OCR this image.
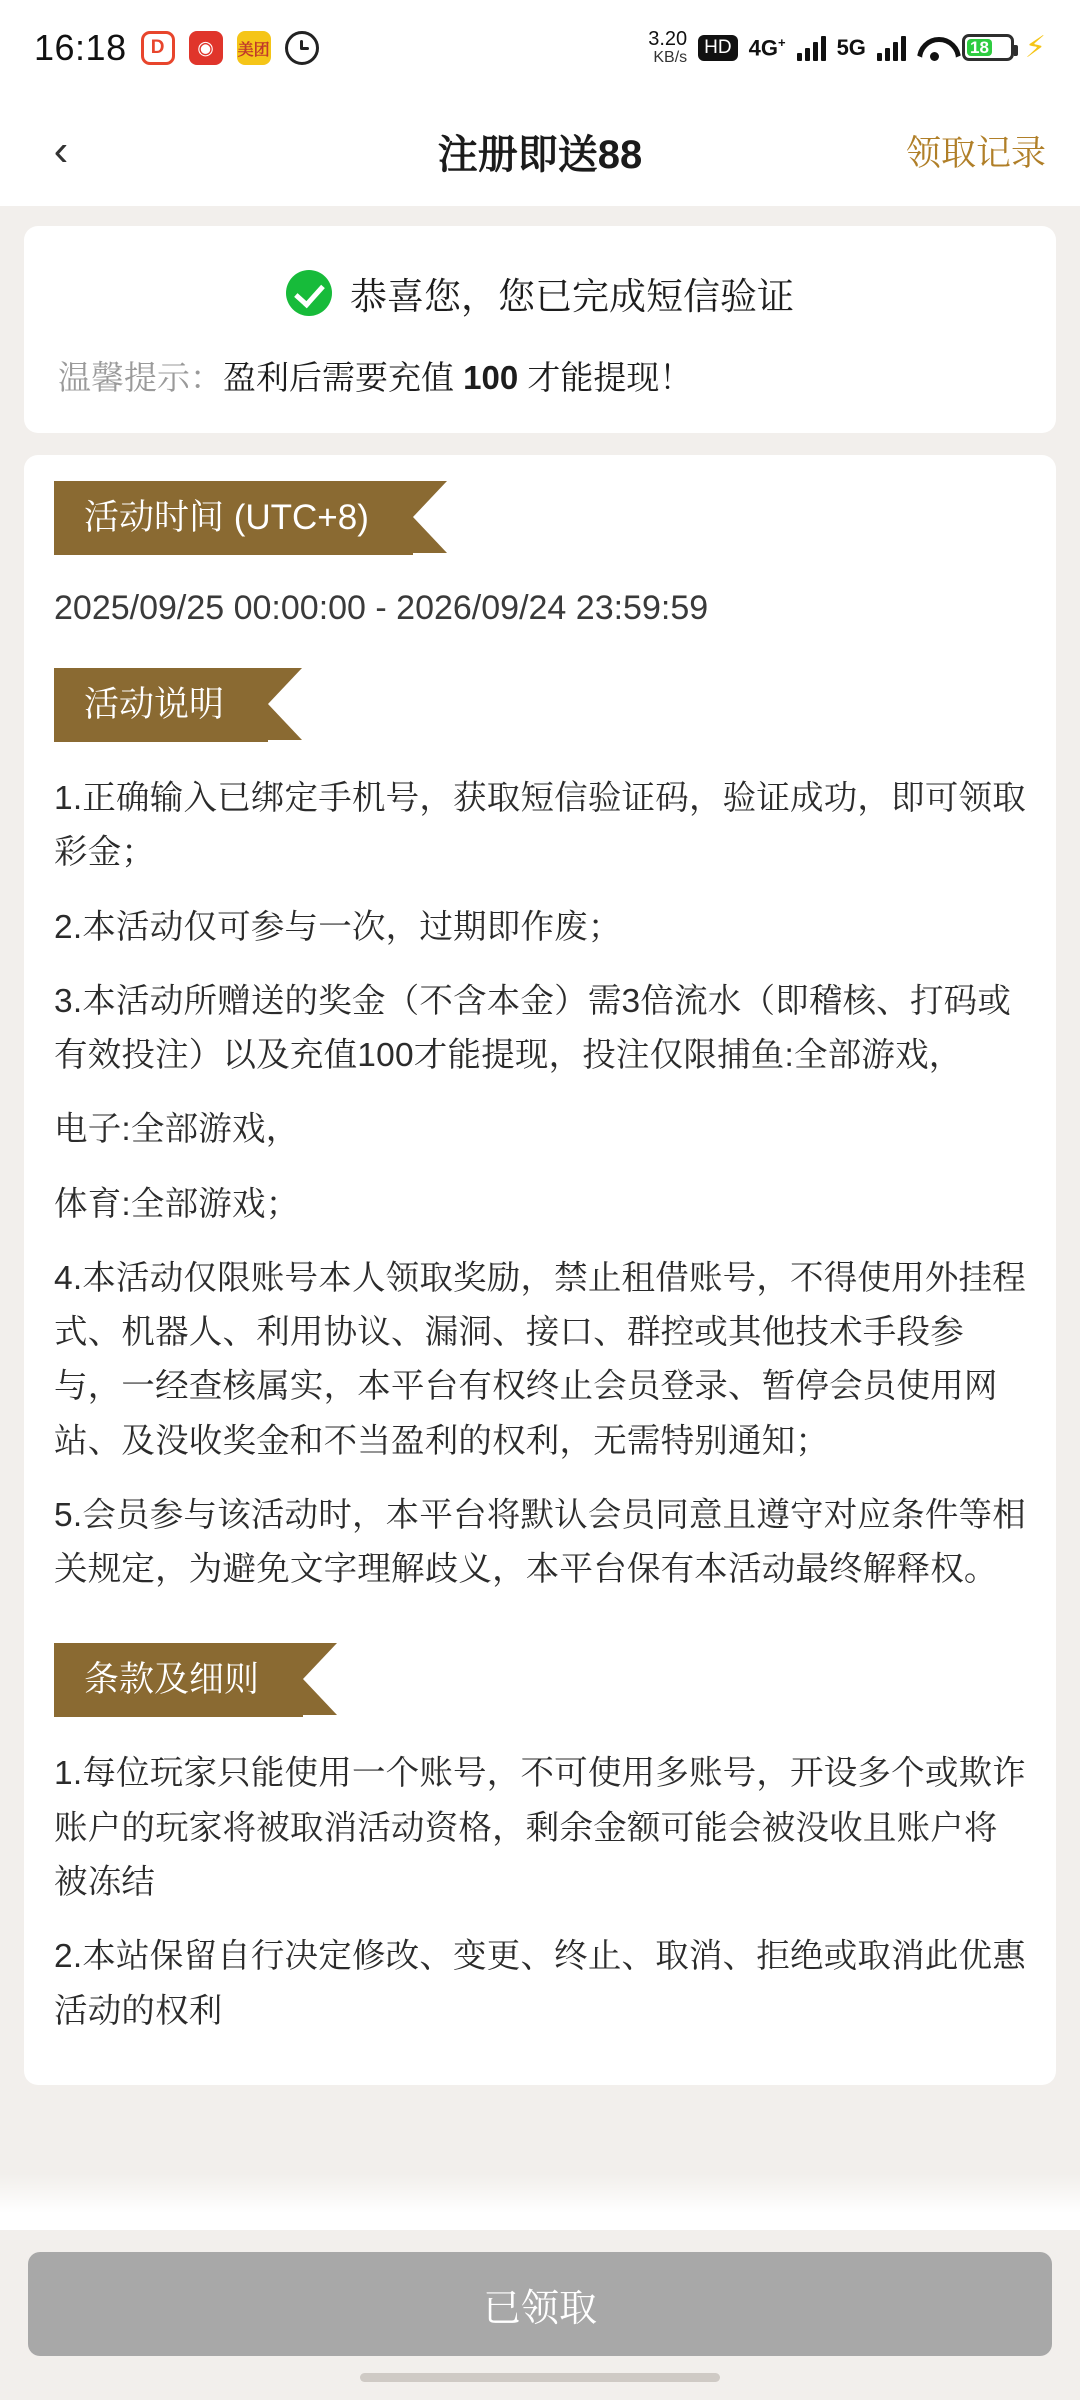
16:18	D	◉	美团	3.20
KB/s HD 4G+ 5G	18 ⚡
‹	注册即送88	领取记录
恭喜您，您已完成短信验证
温馨提示：盈利后需要充值 100 才能提现！
活动时间 (UTC+8)
2025/09/25 00:00:00 - 2026/09/24 23:59:59
活动说明

1.正确输入已绑定手机号，获取短信验证码，验证成功，即可领取彩金；

2.本活动仅可参与一次，过期即作废；

3.本活动所赠送的奖金（不含本金）需3倍流水（即稽核、打码或有效投注）以及充值100才能提现，投注仅限捕鱼:全部游戏，

电子:全部游戏，

体育:全部游戏；

4.本活动仅限账号本人领取奖励，禁止租借账号，不得使用外挂程式、机器人、利用协议、漏洞、接口、群控或其他技术手段参与，一经查核属实，本平台有权终止会员登录、暂停会员使用网站、及没收奖金和不当盈利的权利，无需特别通知；

5.会员参与该活动时，本平台将默认会员同意且遵守对应条件等相关规定，为避免文字理解歧义，本平台保有本活动最终解释权。

条款及细则

1.每位玩家只能使用一个账号，不可使用多账号，开设多个或欺诈账户的玩家将被取消活动资格，剩余金额可能会被没收且账户将被冻结

2.本站保留自行决定修改、变更、终止、取消、拒绝或取消此优惠活动的权利

已领取
